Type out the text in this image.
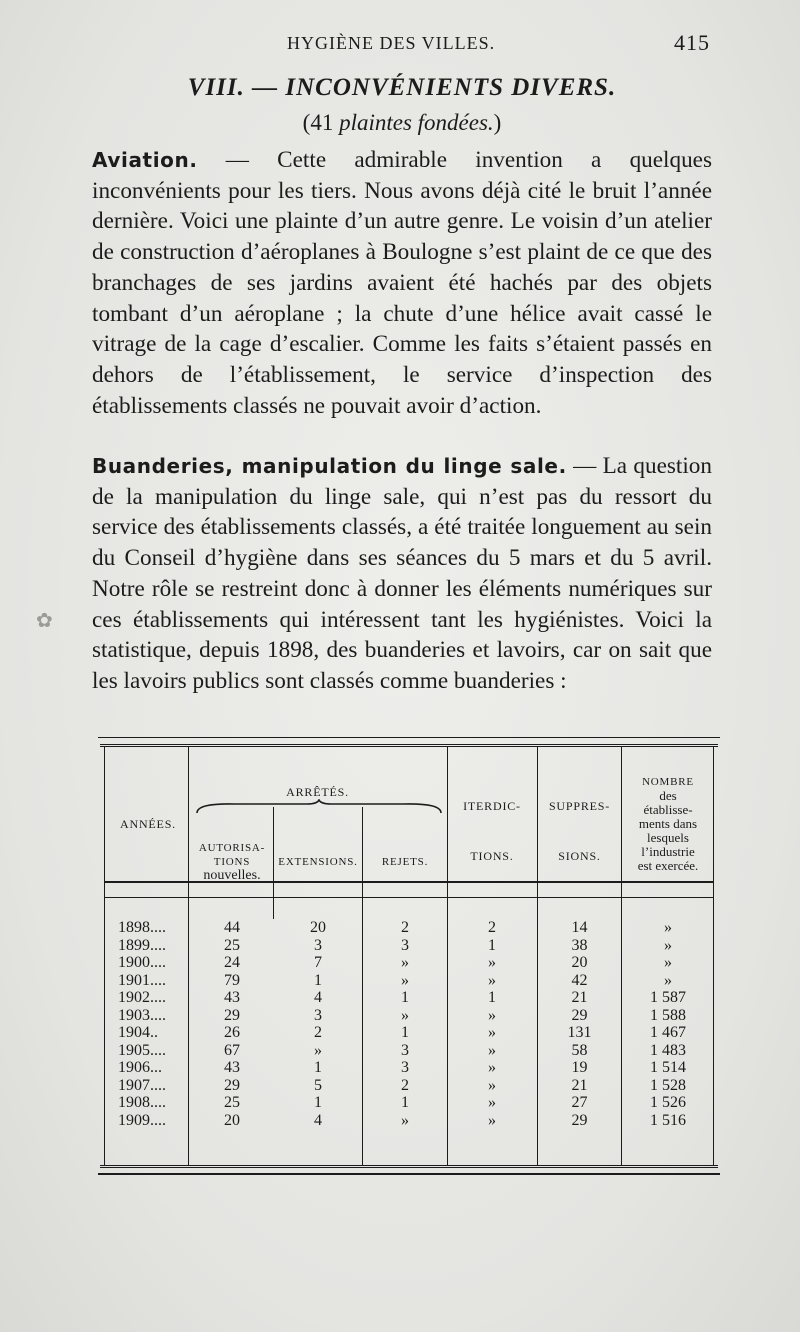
HYGIÈNE DES VILLES.	415
VIII. — INCONVÉNIENTS DIVERS.
(41 plaintes fondées.)
Aviation. — Cette admirable invention a quelques inconvénients pour les tiers. Nous avons déjà cité le bruit l’année dernière. Voici une plainte d’un autre genre. Le voisin d’un atelier de construction d’aéroplanes à Boulogne s’est plaint de ce que des branchages de ses jardins avaient été hachés par des objets tombant d’un aéroplane ; la chute d’une hélice avait cassé le vitrage de la cage d’escalier. Comme les faits s’étaient passés en dehors de l’établissement, le service d’inspection des établissements classés ne pouvait avoir d’action.
Buanderies, manipulation du linge sale. — La question de la manipulation du linge sale, qui n’est pas du ressort du service des établissements classés, a été traitée longuement au sein du Conseil d’hygiène dans ses séances du 5 mars et du 5 avril. Notre rôle se restreint donc à donner les éléments numériques sur ces établissements qui intéressent tant les hygiénistes. Voici la statistique, depuis 1898, des buanderies et lavoirs, car on sait que les lavoirs publics sont classés comme buanderies :
ANNÉES.
ARRÊTÉS.
AUTORISA-
TIONS
nouvelles.
EXTENSIONS.	REJETS.
ITERDIC-
TIONS.
SUPPRES-
SIONS.
NOMBRE
des
établisse-
ments dans
lesquels
l’industrie
est exercée.
1898....	44	20	2	2	14	»
1899....	25	3	3	1	38	»
1900....	24	7	»	»	20	»
1901....	79	1	»	»	42	»
1902....	43	4	1	1	21	1 587
1903....	29	3	»	»	29	1 588
1904..	26	2	1	»	131	1 467
1905....	67	»	3	»	58	1 483
1906...	43	1	3	»	19	1 514
1907....	29	5	2	»	21	1 528
1908....	25	1	1	»	27	1 526
1909....	20	4	»	»	29	1 516
✿
